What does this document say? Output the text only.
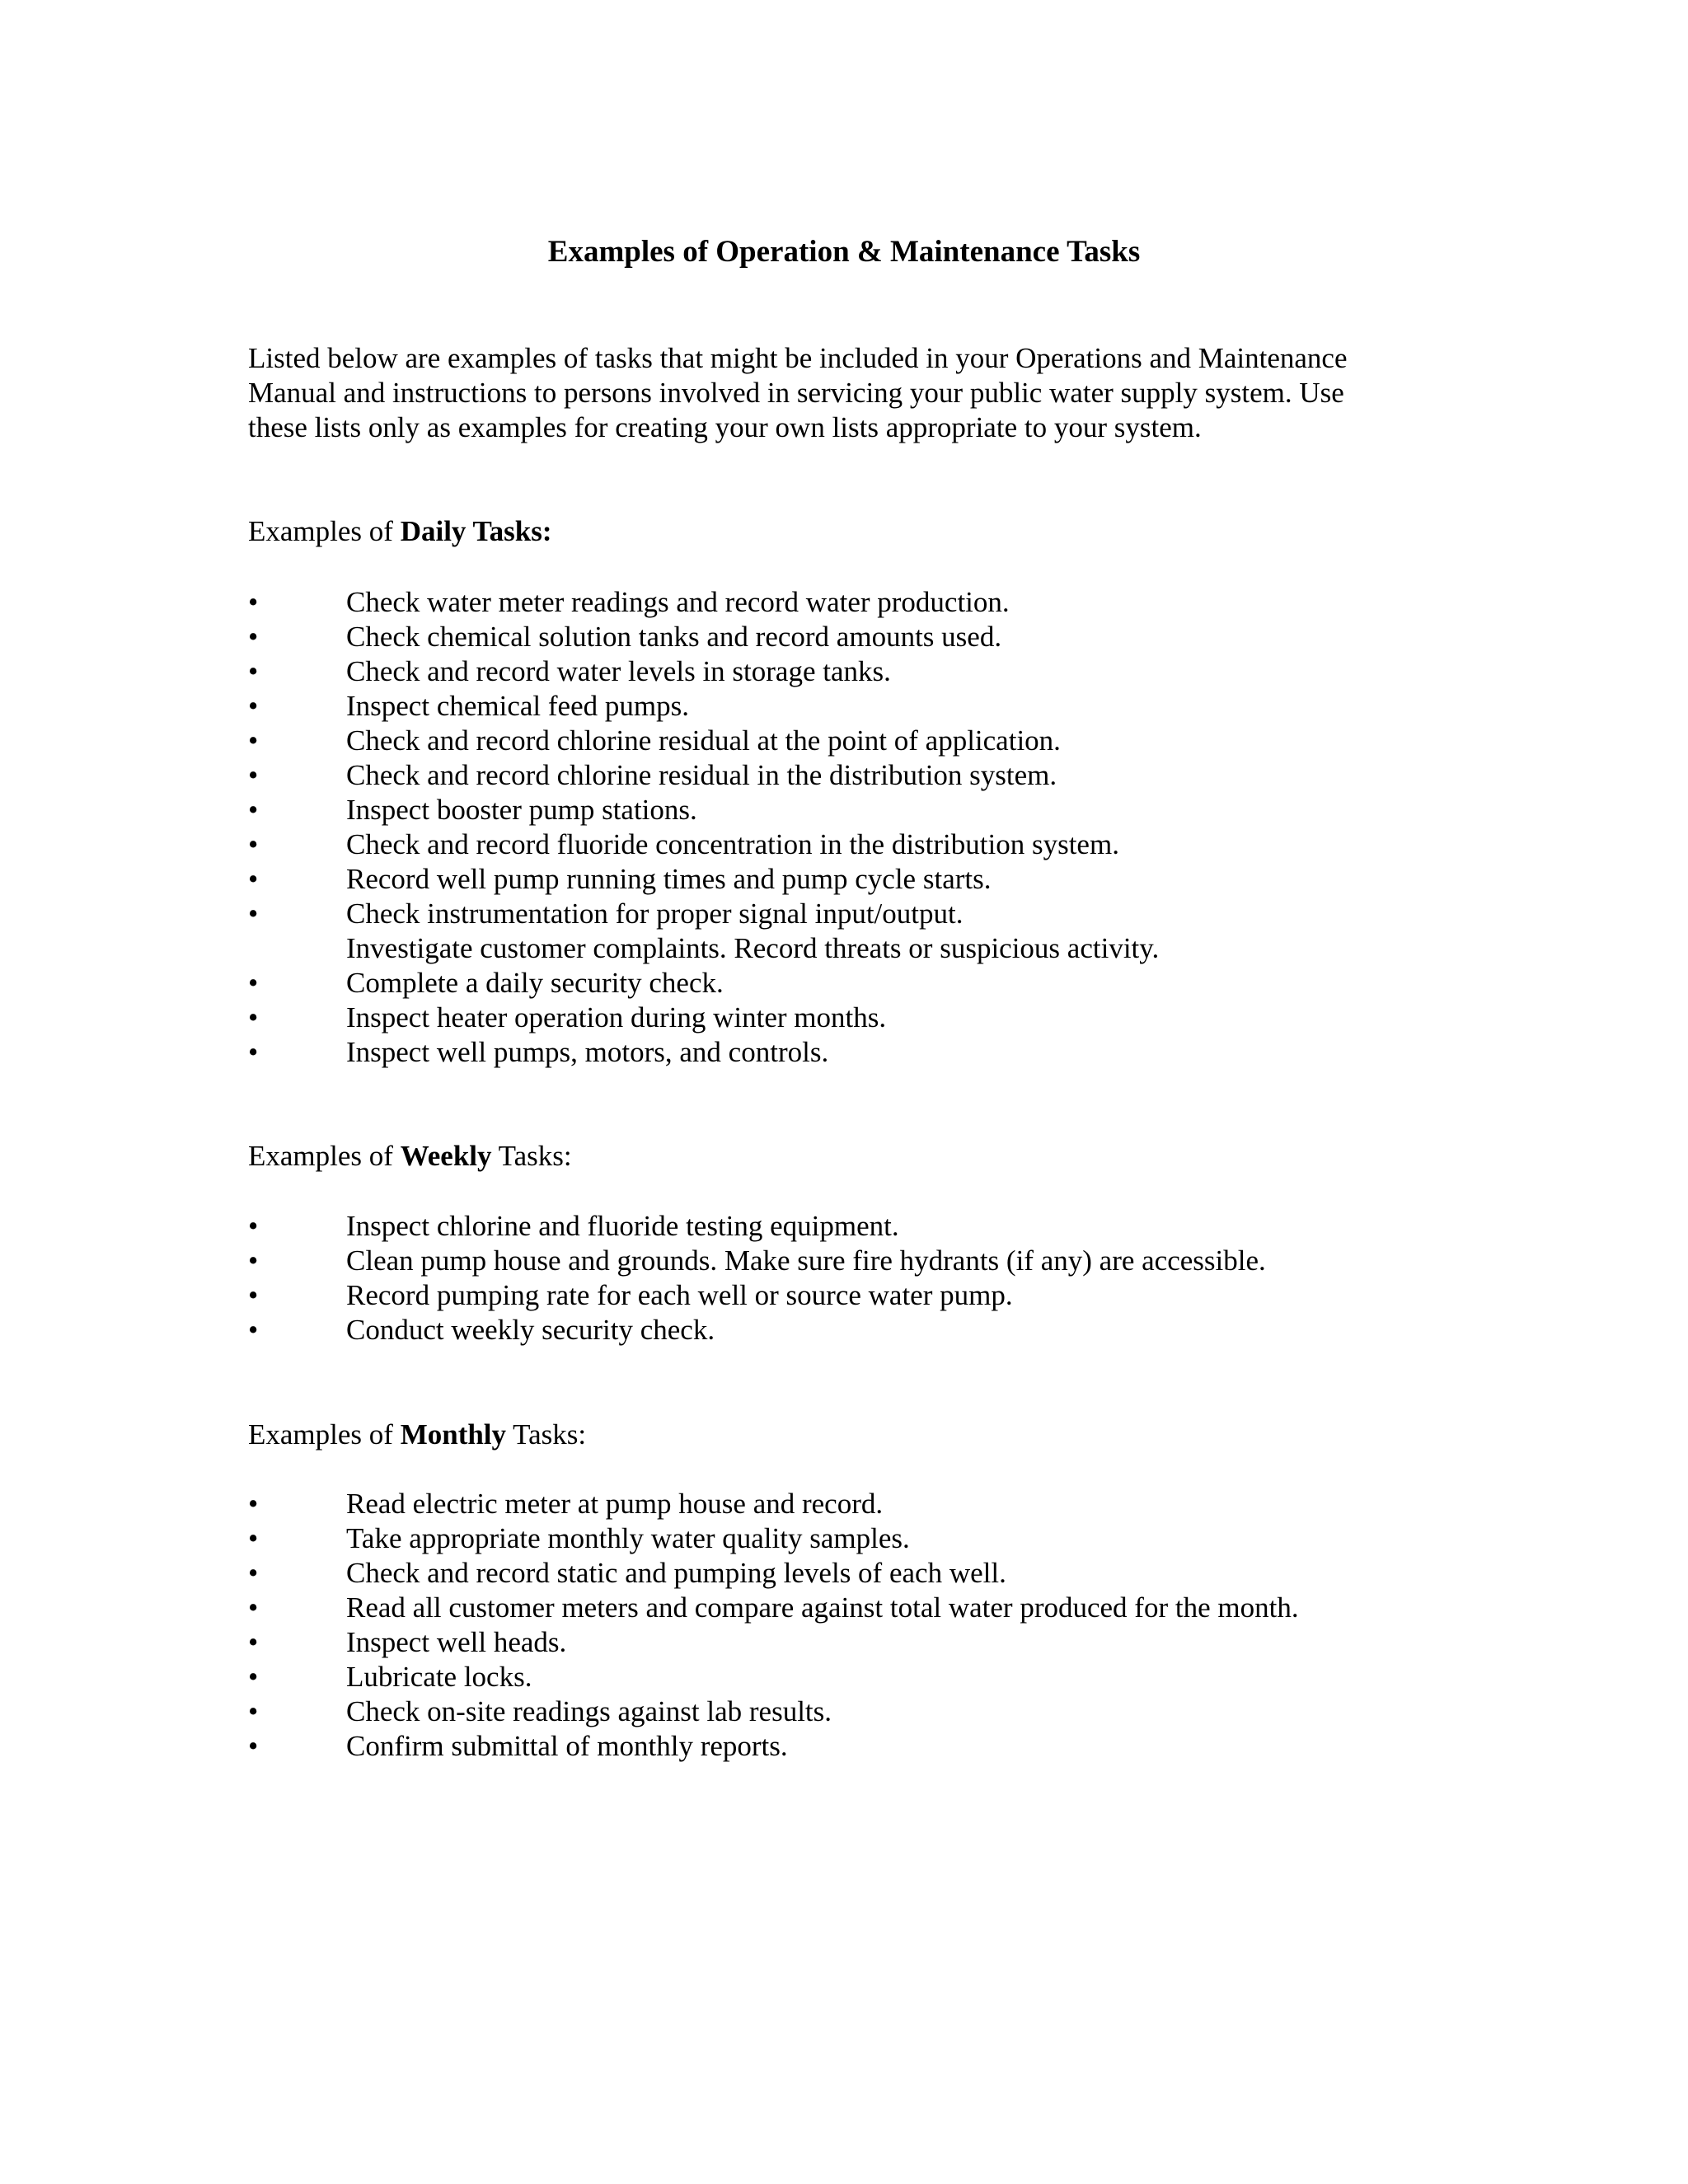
Examples of Operation & Maintenance Tasks

Listed below are examples of tasks that might be included in your Operations and Maintenance
Manual and instructions to persons involved in servicing your public water supply system. Use
these lists only as examples for creating your own lists appropriate to your system.

Examples of Daily Tasks:

•	Check water meter readings and record water production.
•	Check chemical solution tanks and record amounts used.
•	Check and record water levels in storage tanks.
•	Inspect chemical feed pumps.
•	Check and record chlorine residual at the point of application.
•	Check and record chlorine residual in the distribution system.
•	Inspect booster pump stations.
•	Check and record fluoride concentration in the distribution system.
•	Record well pump running times and pump cycle starts.
•	Check instrumentation for proper signal input/output.
Investigate customer complaints. Record threats or suspicious activity.
•	Complete a daily security check.
•	Inspect heater operation during winter months.
•	Inspect well pumps, motors, and controls.

Examples of Weekly Tasks:

•	Inspect chlorine and fluoride testing equipment.
•	Clean pump house and grounds. Make sure fire hydrants (if any) are accessible.
•	Record pumping rate for each well or source water pump.
•	Conduct weekly security check.

Examples of Monthly Tasks:

•	Read electric meter at pump house and record.
•	Take appropriate monthly water quality samples.
•	Check and record static and pumping levels of each well.
•	Read all customer meters and compare against total water produced for the month.
•	Inspect well heads.
•	Lubricate locks.
•	Check on-site readings against lab results.
•	Confirm submittal of monthly reports.
